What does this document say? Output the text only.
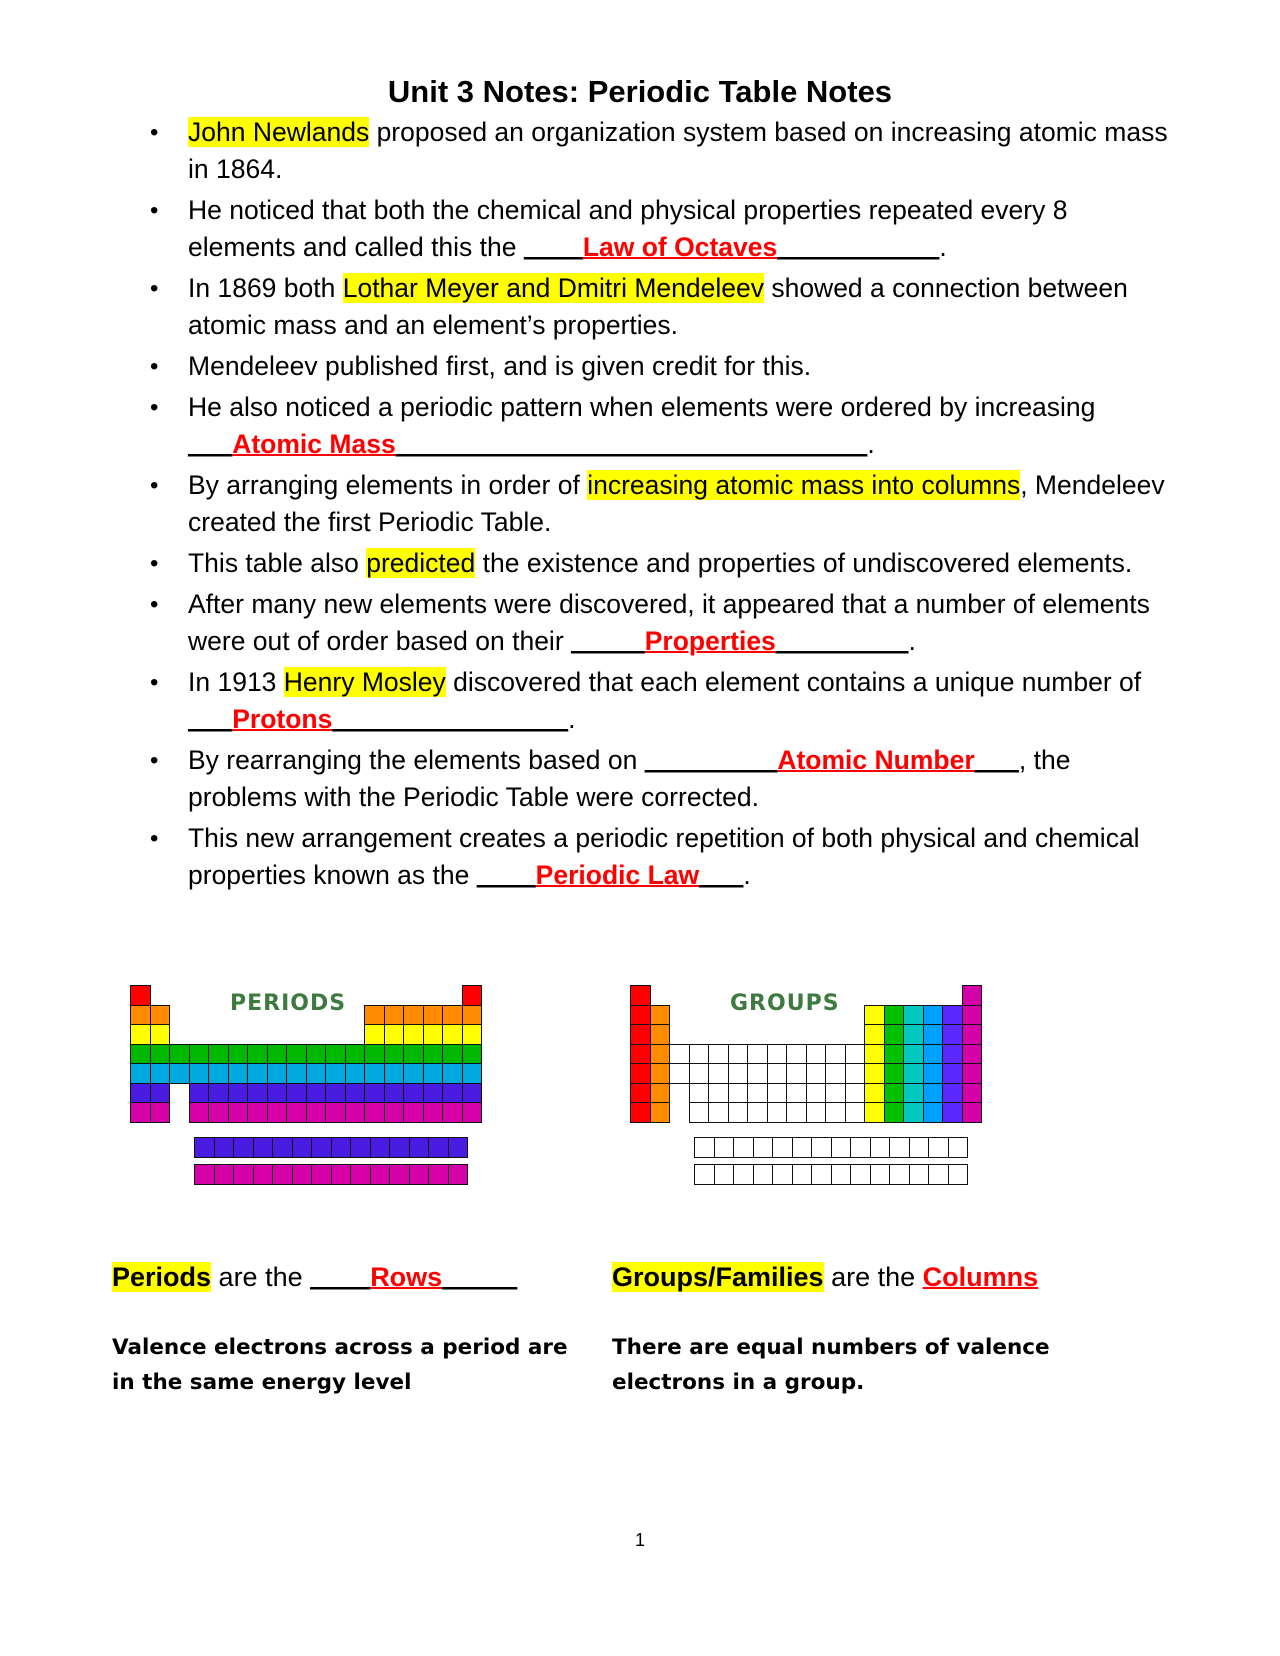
Unit 3 Notes: Periodic Table Notes
• John Newlands proposed an organization system based on increasing atomic mass in 1864.
• He noticed that both the chemical and physical properties repeated every 8 elements and called this the ____Law of Octaves___________.
• In 1869 both Lothar Meyer and Dmitri Mendeleev showed a connection between atomic mass and an element’s properties.
• Mendeleev published first, and is given credit for this.
• He also noticed a periodic pattern when elements were ordered by increasing ___Atomic Mass________________________________.
• By arranging elements in order of increasing atomic mass into columns, Mendeleev created the first Periodic Table.
• This table also predicted the existence and properties of undiscovered elements.
• After many new elements were discovered, it appeared that a number of elements were out of order based on their _____Properties_________.
• In 1913 Henry Mosley discovered that each element contains a unique number of ___Protons________________.
• By rearranging the elements based on _________Atomic Number___, the problems with the Periodic Table were corrected.
• This new arrangement creates a periodic repetition of both physical and chemical properties known as the ____Periodic Law___.
PERIODS	GROUPS
Periods are the ____Rows_____	Groups/Families are the Columns
Valence electrons across a period are in the same energy level
There are equal numbers of valence electrons in a group.
1
